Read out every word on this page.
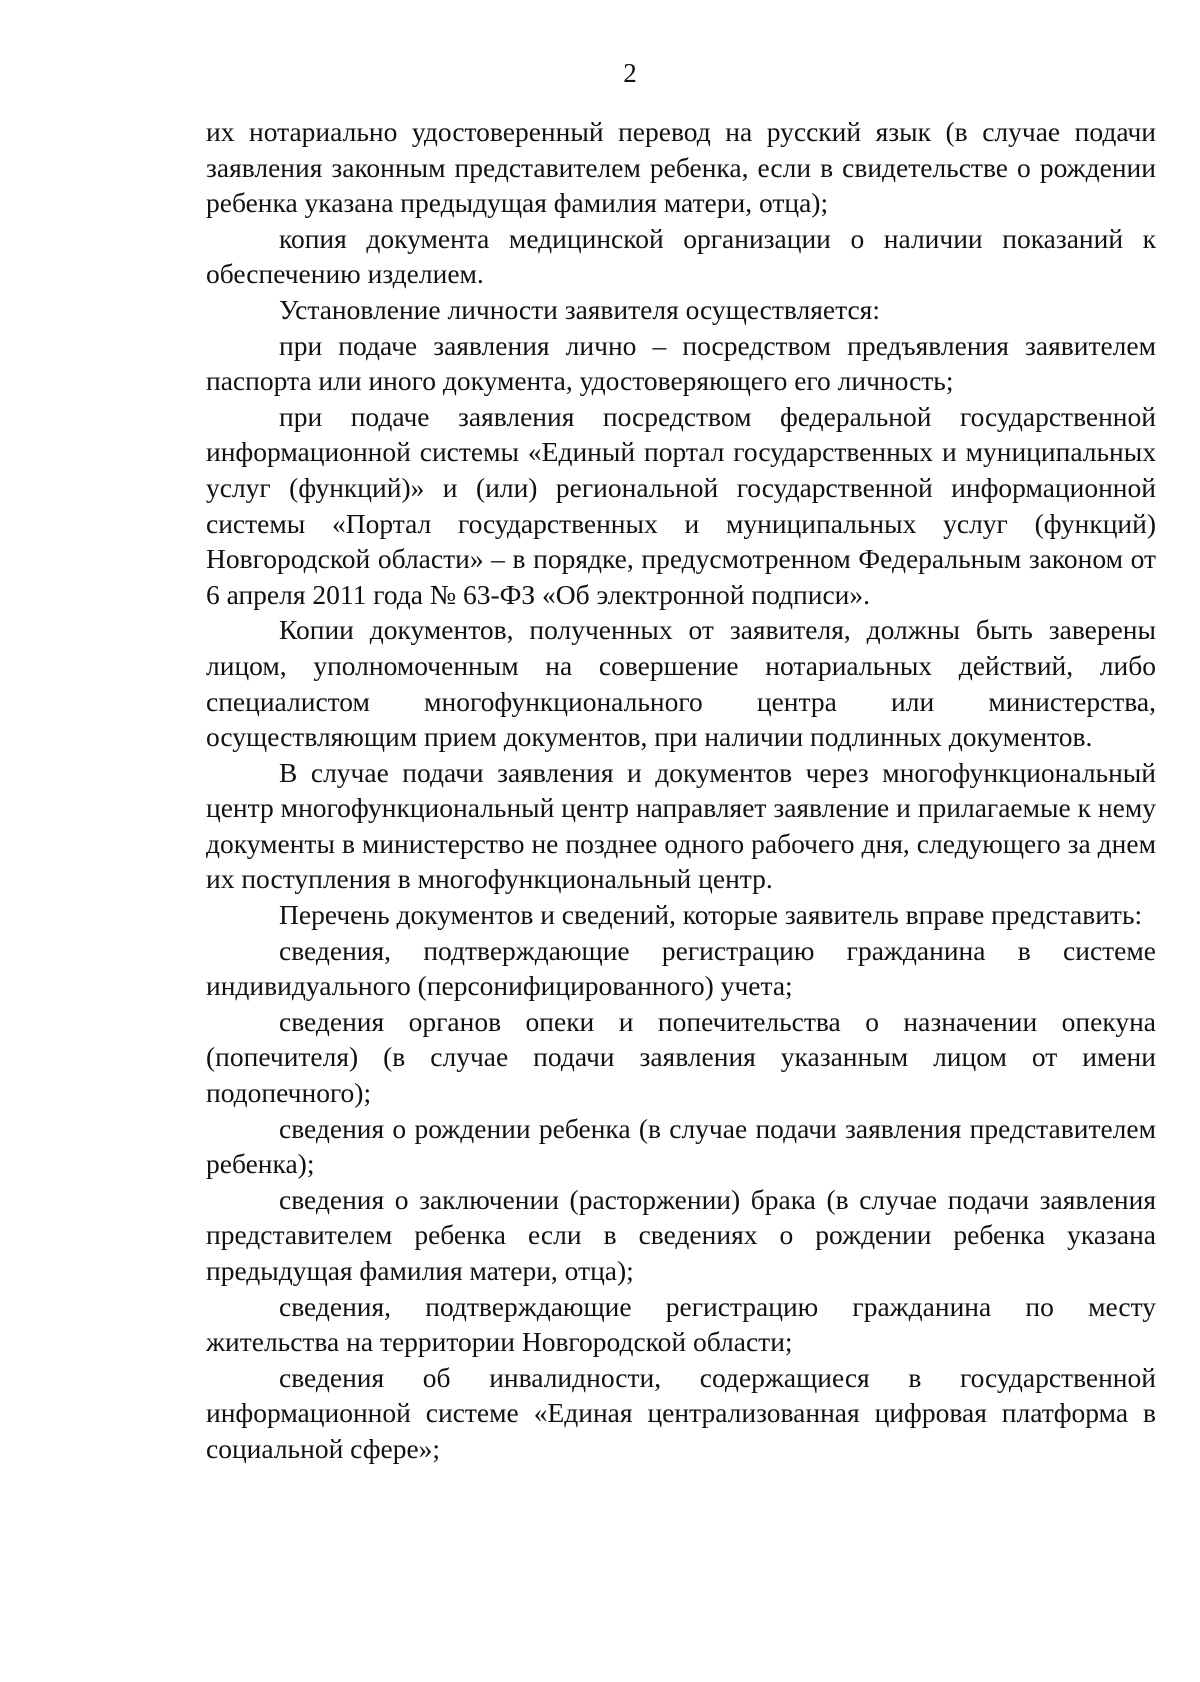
2

их нотариально удостоверенный перевод на русский язык (в случае подачи заявления законным представителем ребенка, если в свидетельстве о рождении ребенка указана предыдущая фамилия матери, отца);

копия документа медицинской организации о наличии показаний к обеспечению изделием.

Установление личности заявителя осуществляется:

при подаче заявления лично – посредством предъявления заявителем паспорта или иного документа, удостоверяющего его личность;

при подаче заявления посредством федеральной государственной информационной системы «Единый портал государственных и муниципальных услуг (функций)» и (или) региональной государственной информационной системы «Портал государственных и муниципальных услуг (функций) Новгородской области» – в порядке, предусмотренном Федеральным законом от 6 апреля 2011 года № 63-ФЗ «Об электронной подписи».

Копии документов, полученных от заявителя, должны быть заверены лицом, уполномоченным на совершение нотариальных действий, либо специалистом многофункционального центра или министерства, осуществляющим прием документов, при наличии подлинных документов.

В случае подачи заявления и документов через многофункциональный центр многофункциональный центр направляет заявление и прилагаемые к нему документы в министерство не позднее одного рабочего дня, следующего за днем их поступления в многофункциональный центр.

Перечень документов и сведений, которые заявитель вправе представить:

сведения, подтверждающие регистрацию гражданина в системе индивидуального (персонифицированного) учета;

сведения органов опеки и попечительства о назначении опекуна (попечителя) (в случае подачи заявления указанным лицом от имени подопечного);

сведения о рождении ребенка (в случае подачи заявления представителем ребенка);

сведения о заключении (расторжении) брака (в случае подачи заявления представителем ребенка если в сведениях о рождении ребенка указана предыдущая фамилия матери, отца);

сведения, подтверждающие регистрацию гражданина по месту жительства на территории Новгородской области;

сведения об инвалидности, содержащиеся в государственной информационной системе «Единая централизованная цифровая платформа в социальной сфере»;
